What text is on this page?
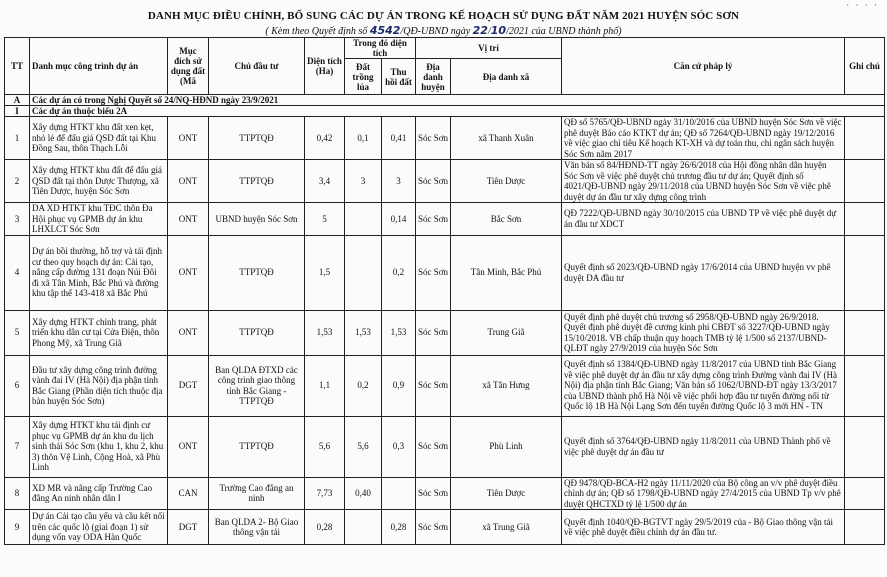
· · · ·
DANH MỤC ĐIỀU CHỈNH, BỔ SUNG CÁC DỰ ÁN TRONG KẾ HOẠCH SỬ DỤNG ĐẤT NĂM 2021 HUYỆN SÓC SƠN
( Kèm theo Quyết định số 4542/QĐ-UBND ngày 22/10/2021 của UBND thành phố)
TT	Danh mục công trình dự án	Mục đích sử dụng đất (Mã	Chủ đầu tư	Diện tích (Ha)	Trong đó diện tích		Vị trí		Căn cứ pháp lý	Ghi chú
					Đất trồng lúa	Thu hồi đất	Địa danh huyện	Địa danh xã		

A	Các dự án có trong Nghị Quyết số 24/NQ-HĐND ngày 23/9/2021									
I	Các dự án thuộc biểu 2A									
1	Xây dựng HTKT khu đất xen kẹt, nhỏ lẻ để đấu giá QSD đất tại Khu Đồng Sau, thôn Thạch Lỗi	ONT	TTPTQĐ	0,42	0,1	0,41	Sóc Sơn	xã Thanh Xuân	QĐ số 5765/QĐ-UBND ngày 31/10/2016 của UBND huyện Sóc Sơn về việc phê duyệt Báo cáo KTKT dự án; QĐ số 7264/QĐ-UBND ngày 19/12/2016 về việc giao chỉ tiêu Kế hoạch KT-XH và dự toán thu, chi ngân sách huyện Sóc Sơn năm 2017	
2	Xây dựng HTKT khu đất để đấu giá QSD đất tại thôn Dược Thượng, xã Tiên Dược, huyện Sóc Sơn	ONT	TTPTQĐ	3,4	3	3	Sóc Sơn	Tiên Dược	Văn bản số 84/HĐND-TT ngày 26/6/2018 của Hội đồng nhân dân huyện Sóc Sơn về việc phê duyệt chủ trương đầu tư dự án; Quyết định số 4021/QĐ-UBND ngày 29/11/2018 của UBND huyện Sóc Sơn về việc phê duyệt dự án đầu tư xây dựng công trình	
3	DA XD HTKT khu TĐC thôn Đa Hội phục vụ GPMB dự án khu LHXLCT Sóc Sơn	ONT	UBND huyện Sóc Sơn	5		0,14	Sóc Sơn	Bắc Sơn	QĐ 7222/QĐ-UBND ngày 30/10/2015 của UBND TP về việc phê duyệt dự án đầu tư XDCT	
4	Dự án bồi thường, hỗ trợ và tái định cư theo quy hoạch dự án: Cải tạo, nâng cấp đường 131 đoạn Núi Đôi đi xã Tân Minh, Bắc Phú và đường khu tập thể 143-418 xã Bắc Phú	ONT	TTPTQĐ	1,5		0,2	Sóc Sơn	Tân Minh, Bắc Phú	Quyết định số 2023/QĐ-UBND ngày 17/6/2014 của UBND huyện vv phê duyệt DA đầu tư	
5	Xây dựng HTKT chỉnh trang, phát triển khu dân cư tại Cửa Điện, thôn Phong Mỹ, xã Trung Giã	ONT	TTPTQĐ	1,53	1,53	1,53	Sóc Sơn	Trung Giã	Quyết định phê duyệt chủ trương số 2958/QĐ-UBND ngày 26/9/2018. Quyết định phê duyệt đề cương kinh phí CBĐT số 3227/QĐ-UBND ngày 15/10/2018. VB chấp thuận quy hoạch TMB tỷ lệ 1/500 số 2137/UBND-QLĐT ngày 27/9/2019 của huyện Sóc Sơn	
6	Đầu tư xây dựng công trình đường vành đai IV (Hà Nội) địa phận tỉnh Bắc Giang (Phần diện tích thuộc địa bàn huyện Sóc Sơn)	DGT	Ban QLDA ĐTXD các công trình giao thông tỉnh Bắc Giang - TTPTQĐ	1,1	0,2	0,9	Sóc Sơn	xã Tân Hưng	Quyết định số 1384/QĐ-UBND ngày 11/8/2017 của UBND tỉnh Bắc Giang về việc phê duyệt dự án đầu tư xây dựng công trình Đường vành đai IV (Hà Nội) địa phận tỉnh Bắc Giang; Văn bản số 1062/UBND-ĐT ngày 13/3/2017 của UBND thành phố Hà Nội về việc phối hợp đầu tư tuyến đường nối từ Quốc lộ 1B Hà Nội Lạng Sơn đến tuyến đường Quốc lộ 3 mới HN - TN	
7	Xây dựng HTKT khu tái định cư phục vụ GPMB dự án khu du lịch sinh thái Sóc Sơn (khu 1, khu 2, khu 3) thôn Vệ Linh, Cộng Hoà, xã Phù Linh	ONT	TTPTQĐ	5,6	5,6	0,3	Sóc Sơn	Phù Linh	Quyết định số 3764/QĐ-UBND ngày 11/8/2011 của UBND Thành phố về việc phê duyệt dự án đầu tư	
8	XD MR và nâng cấp Trường Cao đẳng An ninh nhân dân I	CAN	Trường Cao đẳng an ninh	7,73	0,40		Sóc Sơn	Tiên Dược	QĐ 9478/QĐ-BCA-H2 ngày 11/11/2020 của Bộ công an v/v phê duyệt điều chỉnh dự án; QĐ số 1798/QĐ-UBND ngày 27/4/2015 của UBND Tp v/v phê duyệt QHCTXD tỷ lệ 1/500 dự án	
9	Dự án Cải tạo cầu yếu và cầu kết nối trên các quốc lộ (giai đoạn 1) sử dụng vốn vay ODA Hàn Quốc	DGT	Ban QLDA 2- Bộ Giao thông vận tải	0,28		0,28	Sóc Sơn	xã Trung Giã	Quyết định 1040/QĐ-BGTVT ngày 29/5/2019 của - Bộ Giao thông vận tải về việc phê duyệt điều chỉnh dự án đầu tư.	
